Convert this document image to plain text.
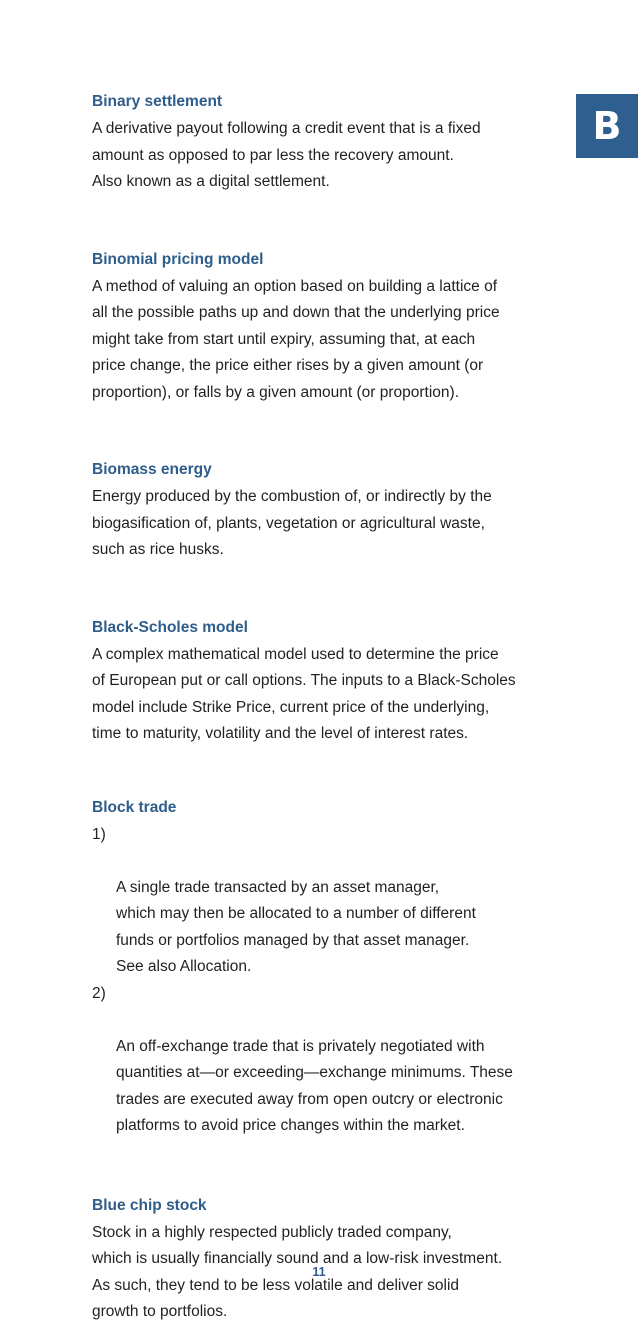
B
Binary settlement

A derivative payout following a credit event that is a fixed
amount as opposed to par less the recovery amount.
Also known as a digital settlement.

Binomial pricing model

A method of valuing an option based on building a lattice of
all the possible paths up and down that the underlying price
might take from start until expiry, assuming that, at each
price change, the price either rises by a given amount (or
proportion), or falls by a given amount (or proportion).

Biomass energy

Energy produced by the combustion of, or indirectly by the
biogasification of, plants, vegetation or agricultural waste,
such as rice husks.

Black-Scholes model

A complex mathematical model used to determine the price
of European put or call options. The inputs to a Black-Scholes
model include Strike Price, current price of the underlying,
time to maturity, volatility and the level of interest rates.

Block trade

1)

A single trade transacted by an asset manager,
which may then be allocated to a number of different
funds or portfolios managed by that asset manager.
See also Allocation.

2)

An off-exchange trade that is privately negotiated with
quantities at—or exceeding—exchange minimums. These
trades are executed away from open outcry or electronic
platforms to avoid price changes within the market.

Blue chip stock

Stock in a highly respected publicly traded company,
which is usually financially sound and a low-risk investment.
As such, they tend to be less volatile and deliver solid
growth to portfolios.

11
